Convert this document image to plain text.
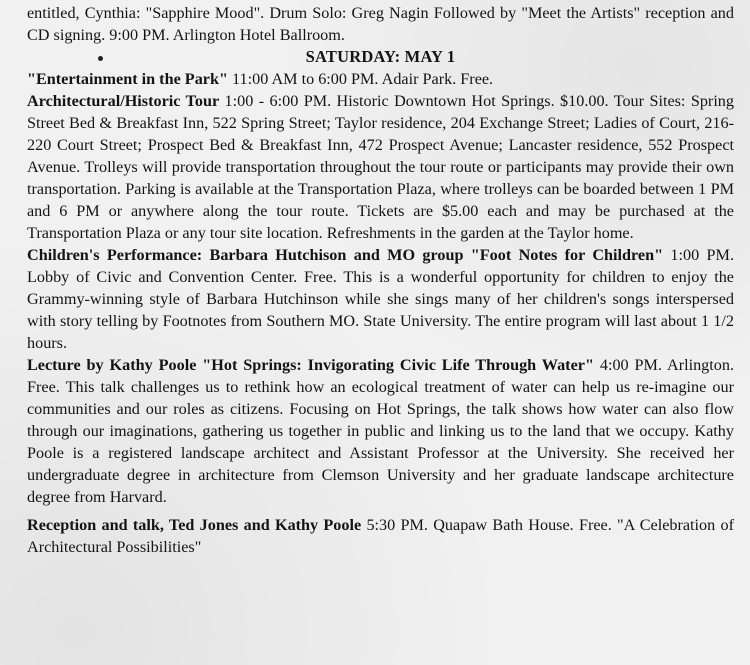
entitled, Cynthia: "Sapphire Mood". Drum Solo: Greg Nagin Followed by "Meet the Artists" reception and CD signing. 9:00 PM. Arlington Hotel Ballroom.

SATURDAY: MAY 1

"Entertainment in the Park" 11:00 AM to 6:00 PM. Adair Park. Free.

Architectural/Historic Tour 1:00 - 6:00 PM. Historic Downtown Hot Springs. $10.00. Tour Sites: Spring Street Bed & Breakfast Inn, 522 Spring Street; Taylor residence, 204 Exchange Street; Ladies of Court, 216-220 Court Street; Prospect Bed & Breakfast Inn, 472 Prospect Avenue; Lancaster residence, 552 Prospect Avenue. Trolleys will provide transportation throughout the tour route or participants may provide their own transportation. Parking is available at the Transportation Plaza, where trolleys can be boarded between 1 PM and 6 PM or anywhere along the tour route. Tickets are $5.00 each and may be purchased at the Transportation Plaza or any tour site location. Refreshments in the garden at the Taylor home.

Children's Performance: Barbara Hutchison and MO group "Foot Notes for Children" 1:00 PM. Lobby of Civic and Convention Center. Free. This is a wonderful opportunity for children to enjoy the Grammy-winning style of Barbara Hutchinson while she sings many of her children's songs interspersed with story telling by Footnotes from Southern MO. State University. The entire program will last about 1 1/2 hours.

Lecture by Kathy Poole "Hot Springs: Invigorating Civic Life Through Water" 4:00 PM. Arlington. Free. This talk challenges us to rethink how an ecological treatment of water can help us re-imagine our communities and our roles as citizens. Focusing on Hot Springs, the talk shows how water can also flow through our imaginations, gathering us together in public and linking us to the land that we occupy. Kathy Poole is a registered landscape architect and Assistant Professor at the University. She received her undergraduate degree in architecture from Clemson University and her graduate landscape architecture degree from Harvard.

Reception and talk, Ted Jones and Kathy Poole 5:30 PM. Quapaw Bath House. Free. "A Celebration of Architectural Possibilities"
